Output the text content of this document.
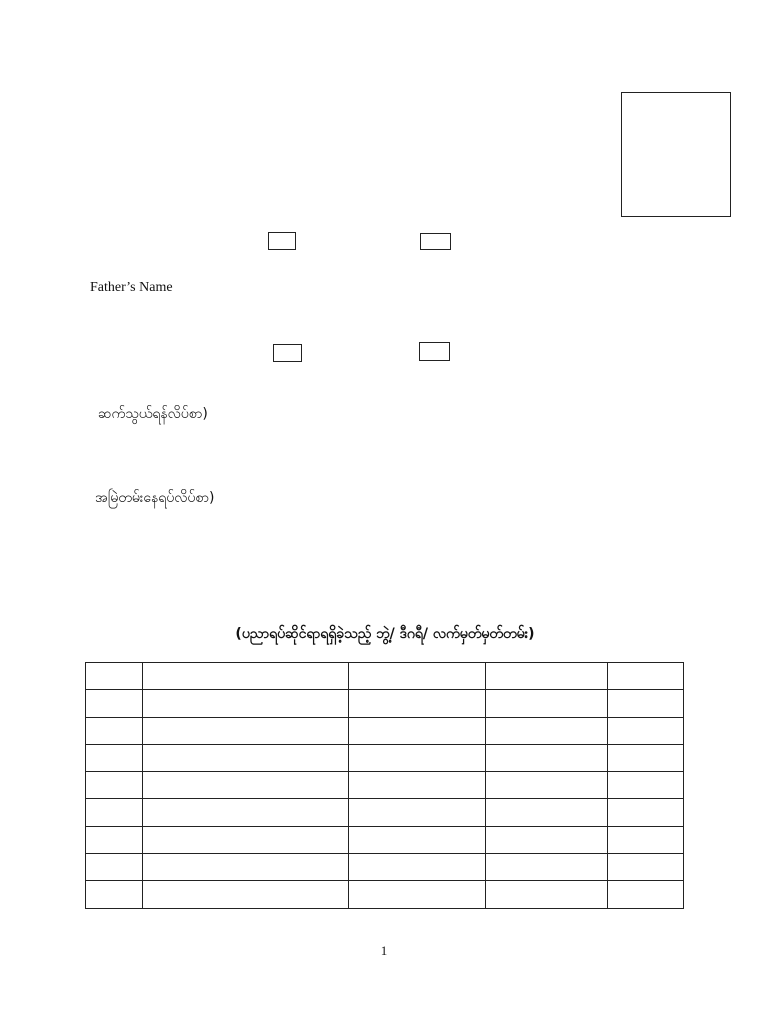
Father’s Name
ဆက်သွယ်ရန်လိပ်စာ)
အမြဲတမ်းနေရပ်လိပ်စာ)
(ပညာရပ်ဆိုင်ရာရရှိခဲ့သည့် ဘွဲ့/ ဒီဂရီ/ လက်မှတ်မှတ်တမ်း)

1
